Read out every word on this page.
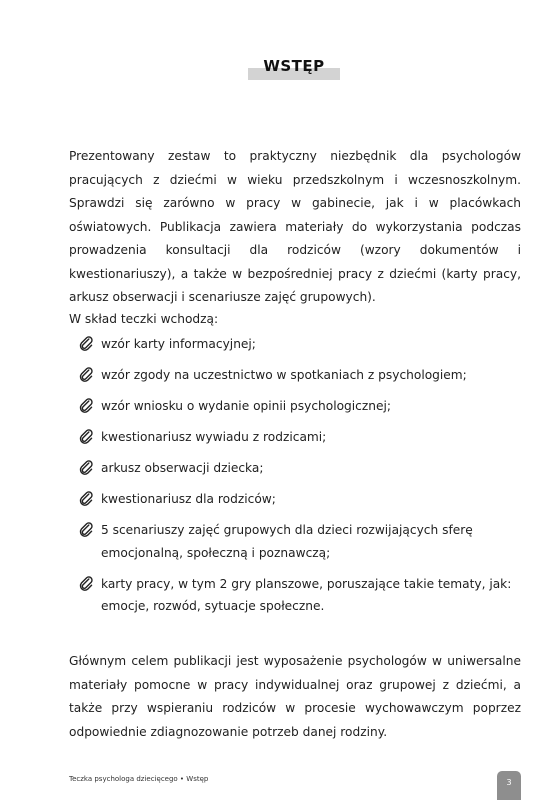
WSTĘP

Prezentowany zestaw to praktyczny niezbędnik dla psychologów pracujących z dziećmi w wieku przedszkolnym i wczesnoszkolnym. Sprawdzi się zarówno w pracy w gabinecie, jak i w placówkach oświatowych. Publikacja zawiera materiały do wykorzystania podczas prowadzenia konsultacji dla rodziców (wzory dokumentów i kwestionariuszy), a także w bezpośredniej pracy z dziećmi (karty pracy, arkusz obserwacji i scenariusze zajęć grupowych).

W skład teczki wchodzą:

wzór karty informacyjnej;
wzór zgody na uczestnictwo w spotkaniach z psychologiem;
wzór wniosku o wydanie opinii psychologicznej;
kwestionariusz wywiadu z rodzicami;
arkusz obserwacji dziecka;
kwestionariusz dla rodziców;
5 scenariuszy zajęć grupowych dla dzieci rozwijających sferę emocjonalną, społeczną i poznawczą;
karty pracy, w tym 2 gry planszowe, poruszające takie tematy, jak: emocje, rozwód, sytuacje społeczne.

Głównym celem publikacji jest wyposażenie psychologów w uniwersalne materiały pomocne w pracy indywidualnej oraz grupowej z dziećmi, a także przy wspieraniu rodziców w procesie wychowawczym poprzez odpowiednie zdiagnozowanie potrzeb danej rodziny.

Teczka psychologa dziecięcego • Wstęp	3
